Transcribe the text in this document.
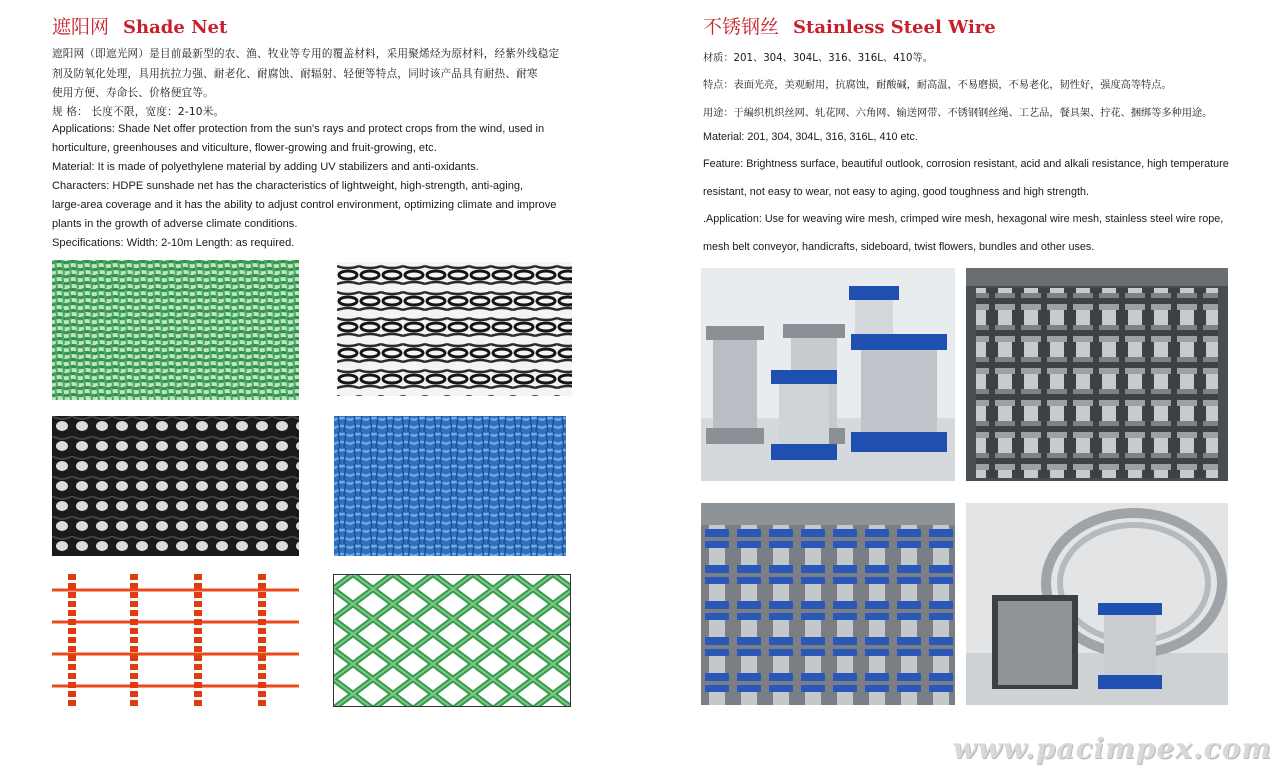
遮阳网 Shade Net

遮阳网（即遮光网）是目前最新型的农、渔、牧业等专用的覆盖材料，采用聚烯烃为原材料，经紫外线稳定

剂及防氧化处理，具用抗拉力强、耐老化、耐腐蚀、耐辐射、轻便等特点，同时该产品具有耐热、耐寒

使用方便、寿命长、价格便宜等。

规 格： 长度不限，宽度：2-10米。

Applications: Shade Net offer protection from the sun's rays and protect crops from the wind, used in

horticulture, greenhouses and viticulture, flower-growing and fruit-growing, etc.

Material: It is made of polyethylene material by adding UV stabilizers and anti-oxidants.

Characters: HDPE sunshade net has the characteristics of lightweight, high-strength, anti-aging,

large-area coverage and it has the ability to adjust control environment, optimizing climate and improve

plants in the growth of adverse climate conditions.

Specifications: Width: 2-10m Length: as required.

不锈钢丝 Stainless Steel Wire

材质：201、304、304L、316、316L、410等。

特点：表面光亮，美观耐用，抗腐蚀，耐酸碱，耐高温，不易磨损，不易老化，韧性好，强度高等特点。

用途：于編织机织丝网、轧花网、六角网、输送网带、不锈钢钢丝绳、工艺品，餐具架、拧花、捆绑等多种用途。

Material: 201, 304, 304L, 316, 316L, 410 etc.

Feature: Brightness surface, beautiful outlook, corrosion resistant, acid and alkali resistance, high temperature

resistant, not easy to wear, not easy to aging, good toughness and high strength.

.Application: Use for weaving wire mesh, crimped wire mesh, hexagonal wire mesh, stainless steel wire rope,

mesh belt conveyor, handicrafts, sideboard, twist flowers, bundles and other uses.

www.pacimpex.com
